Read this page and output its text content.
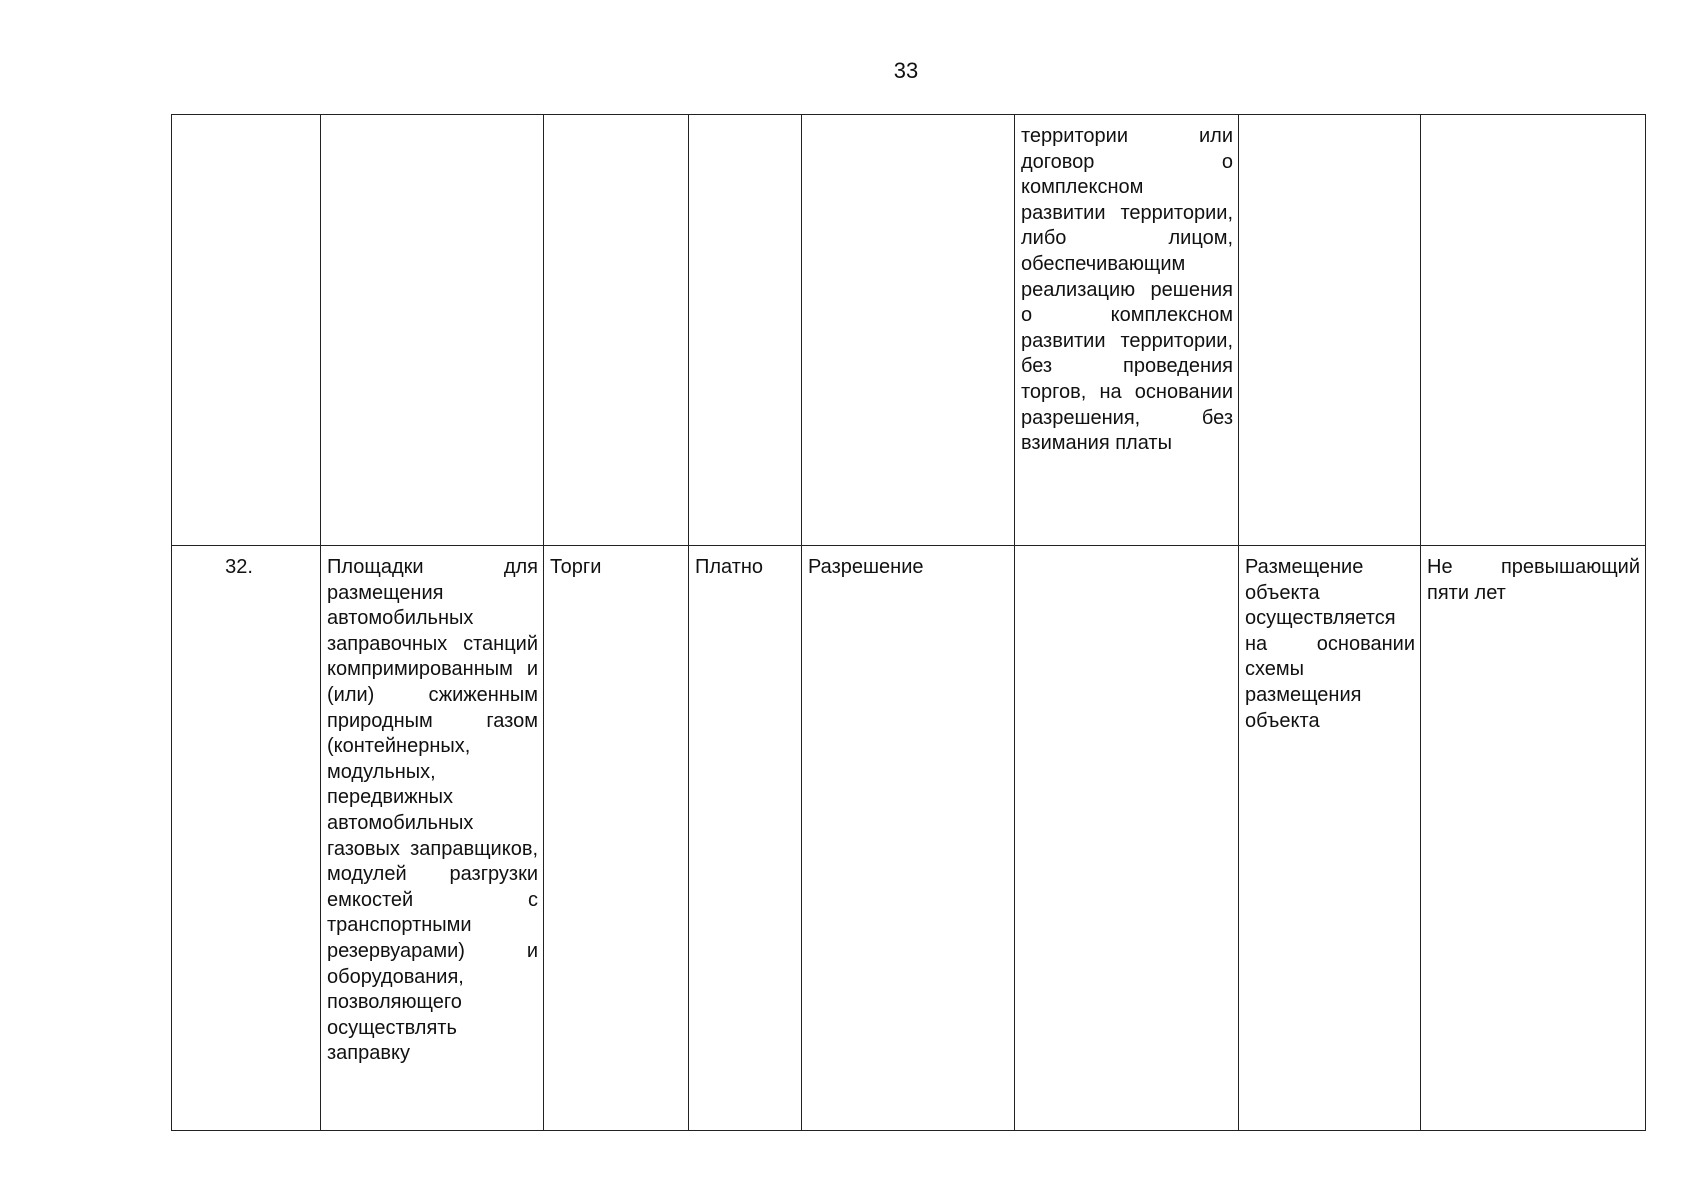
33

					территории или договор о комплексном развитии территории, либо лицом, обеспечивающим реализацию решения о комплексном развитии территории, без проведения торгов, на основании разрешения, без взимания платы		

32.	Площадки для размещения автомобильных заправочных станций компримированным и (или) сжиженным природным газом (контейнерных, модульных, передвижных автомобильных газовых заправщиков, модулей разгрузки емкостей с транспортными резервуарами) и оборудования, позволяющего осуществлять заправку	Торги	Платно	Разрешение		Размещение объекта осуществляется на основании схемы размещения объекта	Не превышающий пяти лет
